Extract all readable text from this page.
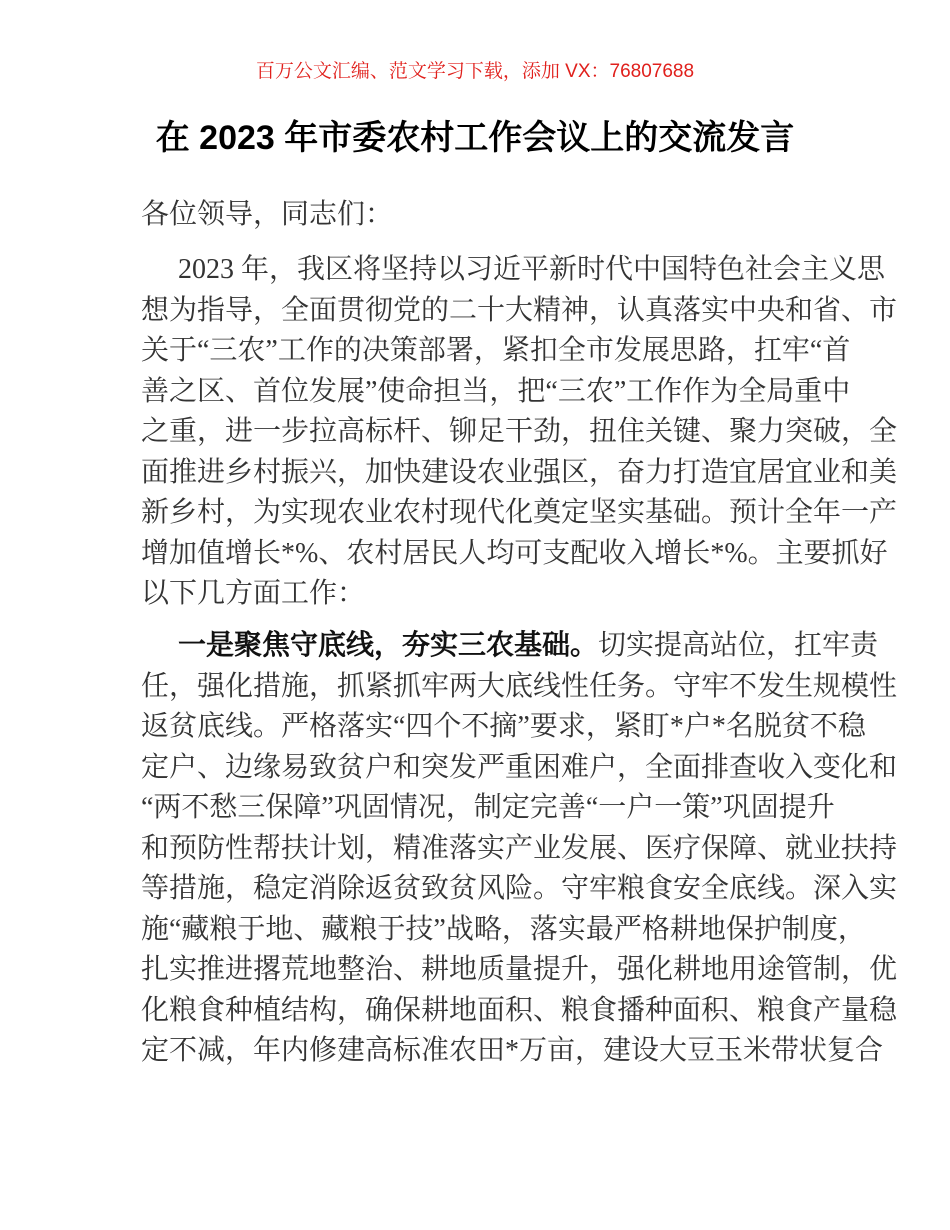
百万公文汇编、范文学习下载，添加 VX：76807688
在 2023 年市委农村工作会议上的交流发言
各位领导，同志们：
2023 年，我区将坚持以习近平新时代中国特色社会主义思
想为指导，全面贯彻党的二十大精神，认真落实中央和省、市
关于“三农”工作的决策部署，紧扣全市发展思路，扛牢“首
善之区、首位发展”使命担当，把“三农”工作作为全局重中
之重，进一步拉高标杆、铆足干劲，扭住关键、聚力突破，全
面推进乡村振兴，加快建设农业强区，奋力打造宜居宜业和美
新乡村，为实现农业农村现代化奠定坚实基础。预计全年一产
增加值增长*%、农村居民人均可支配收入增长*%。主要抓好
以下几方面工作：
一是聚焦守底线，夯实三农基础。切实提高站位，扛牢责
任，强化措施，抓紧抓牢两大底线性任务。守牢不发生规模性
返贫底线。严格落实“四个不摘”要求，紧盯*户*名脱贫不稳
定户、边缘易致贫户和突发严重困难户，全面排查收入变化和
“两不愁三保障”巩固情况，制定完善“一户一策”巩固提升
和预防性帮扶计划，精准落实产业发展、医疗保障、就业扶持
等措施，稳定消除返贫致贫风险。守牢粮食安全底线。深入实
施“藏粮于地、藏粮于技”战略，落实最严格耕地保护制度，
扎实推进撂荒地整治、耕地质量提升，强化耕地用途管制，优
化粮食种植结构，确保耕地面积、粮食播种面积、粮食产量稳
定不减，年内修建高标准农田*万亩，建设大豆玉米带状复合
